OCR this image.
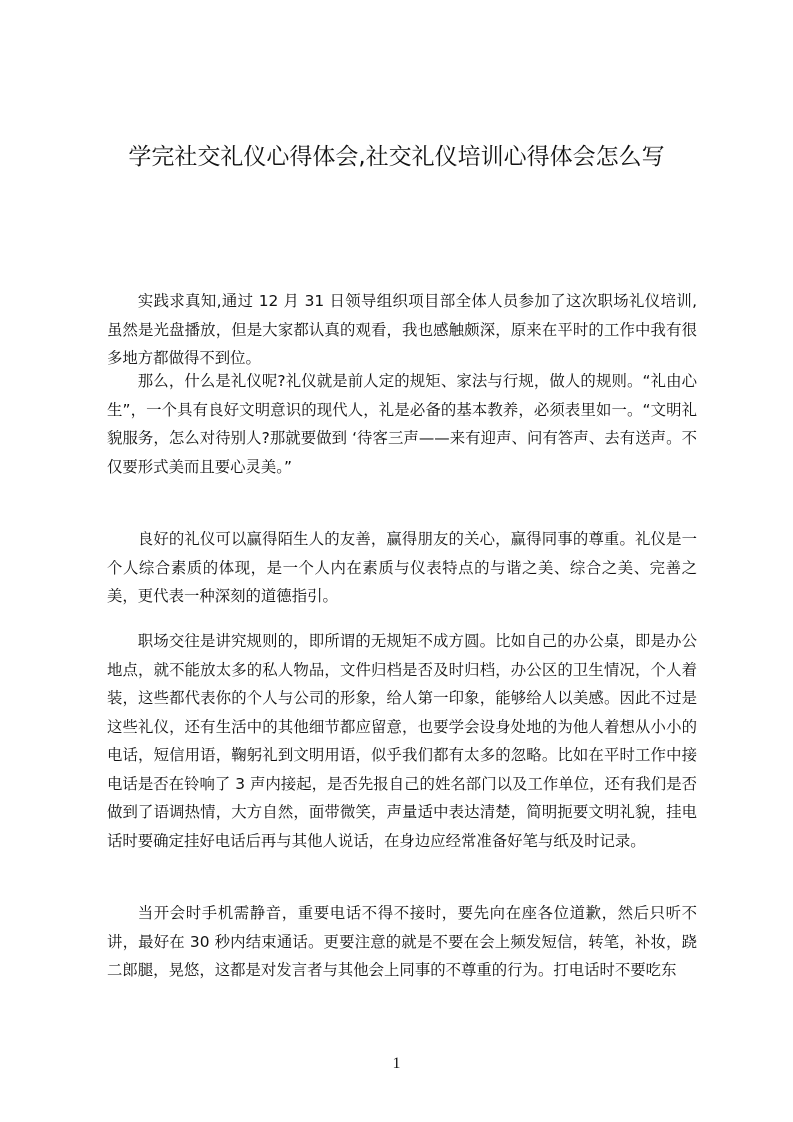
学完社交礼仪心得体会,社交礼仪培训心得体会怎么写

实践求真知,通过 12 月 31 日领导组织项目部全体人员参加了这次职场礼仪培训,虽然是光盘播放，但是大家都认真的观看，我也感触颇深，原来在平时的工作中我有很多地方都做得不到位。

那么，什么是礼仪呢?礼仪就是前人定的规矩、家法与行规，做人的规则。“礼由心生”，一个具有良好文明意识的现代人，礼是必备的基本教养，必须表里如一。“文明礼貌服务，怎么对待别人?那就要做到 ‘待客三声——来有迎声、问有答声、去有送声。不仅要形式美而且要心灵美。”

良好的礼仪可以赢得陌生人的友善，赢得朋友的关心，赢得同事的尊重。礼仪是一个人综合素质的体现，是一个人内在素质与仪表特点的与谐之美、综合之美、完善之美，更代表一种深刻的道德指引。

职场交往是讲究规则的，即所谓的无规矩不成方圆。比如自己的办公桌，即是办公地点，就不能放太多的私人物品，文件归档是否及时归档，办公区的卫生情况，个人着装，这些都代表你的个人与公司的形象，给人第一印象，能够给人以美感。因此不过是这些礼仪，还有生活中的其他细节都应留意，也要学会设身处地的为他人着想从小小的电话，短信用语，鞠躬礼到文明用语，似乎我们都有太多的忽略。比如在平时工作中接电话是否在铃响了 3 声内接起，是否先报自己的姓名部门以及工作单位，还有我们是否做到了语调热情，大方自然，面带微笑，声量适中表达清楚，简明扼要文明礼貌，挂电话时要确定挂好电话后再与其他人说话，在身边应经常准备好笔与纸及时记录。

当开会时手机需静音，重要电话不得不接时，要先向在座各位道歉，然后只听不讲，最好在 30 秒内结束通话。更要注意的就是不要在会上频发短信，转笔，补妆，跷二郎腿，晃悠，这都是对发言者与其他会上同事的不尊重的行为。打电话时不要吃东

1
